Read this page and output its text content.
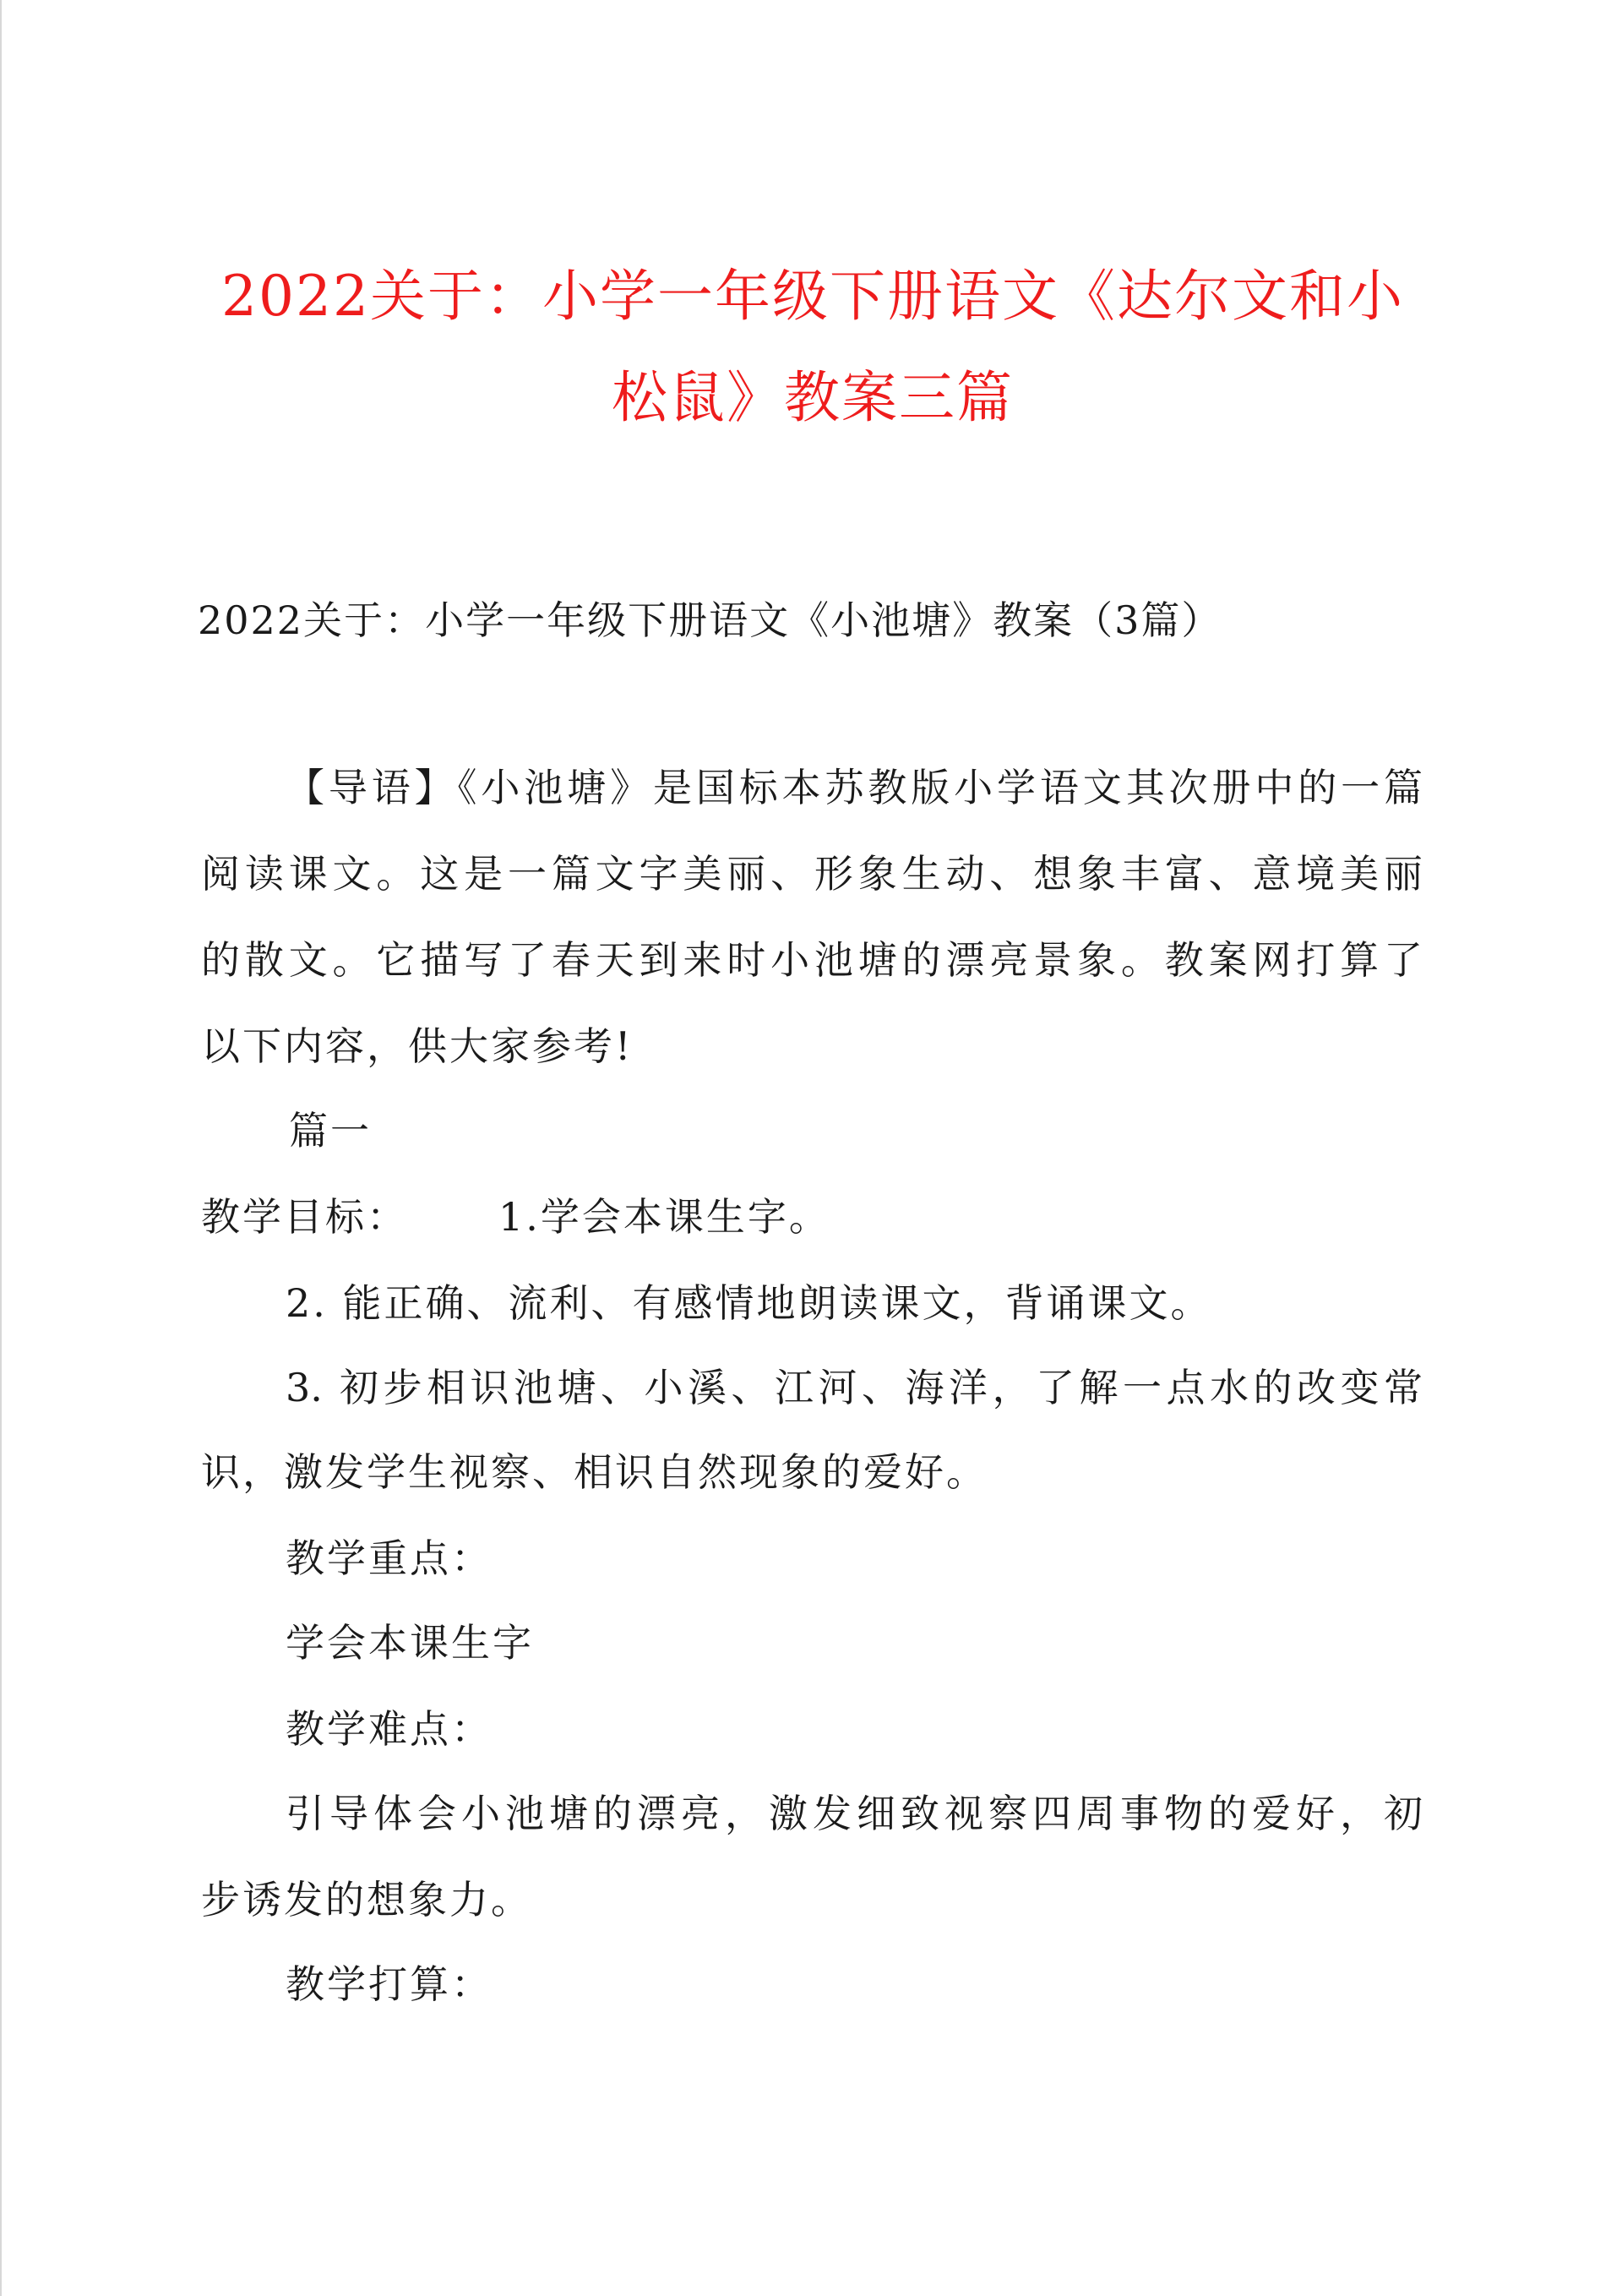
2022关于：小学一年级下册语文《达尔文和小
松鼠》教案三篇
2022关于：小学一年级下册语文《小池塘》教案（3篇）
【导语】《小池塘》是国标本苏教版小学语文其次册中的一篇
阅读课文。这是一篇文字美丽、形象生动、想象丰富、意境美丽
的散文。它描写了春天到来时小池塘的漂亮景象。教案网打算了
以下内容，供大家参考!
篇一
教学目标： 1.学会本课生字。
2. 能正确、流利、有感情地朗读课文，背诵课文。
3. 初步相识池塘、小溪、江河、海洋，了解一点水的改变常
识，激发学生视察、相识自然现象的爱好。
教学重点：
学会本课生字
教学难点：
引导体会小池塘的漂亮，激发细致视察四周事物的爱好，初
步诱发的想象力。
教学打算：
